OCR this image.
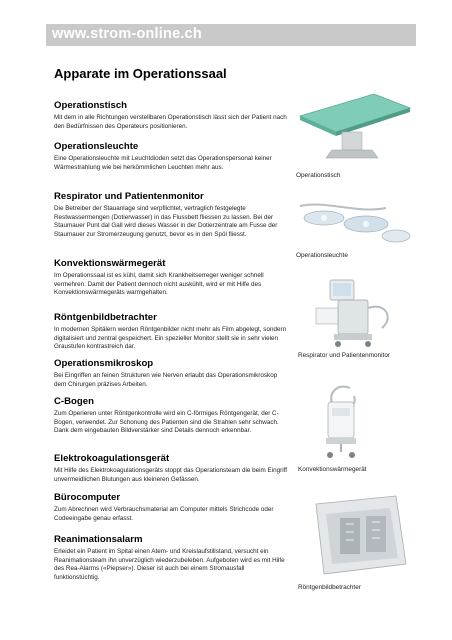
www.strom-online.ch
Apparate im Operationssaal
Operationstisch

Mit dem in alle Richtungen verstellbaren Operationstisch lässt sich der Patient nach den Bedürfnissen des Operateurs positionieren.

Operationsleuchte

Eine Operationsleuchte mit Leuchtdioden setzt das Operationspersonal keiner Wärmestrahlung wie bei herkömmlichen Leuchten mehr aus.

Respirator und Patientenmonitor

Die Betreiber der Stauanlage sind verpflichtet, vertraglich festgelegte Restwassermengen (Dotierwasser) in das Flussbett fliessen zu lassen. Bei der Staumauer Punt dal Gall wird dieses Wasser in der Dotierzentrale am Fusse der Staumauer zur Stromerzeugung genutzt, bevor es in den Spöl fliesst.

Konvektionswärmegerät

Im Operationssaal ist es kühl, damit sich Krankheitserreger weniger schnell vermehren. Damit der Patient dennoch nicht auskühlt, wird er mit Hilfe des Konvektionswärmegeräts warmgehalten.

Röntgenbildbetrachter

In modernen Spitälern werden Röntgenbilder nicht mehr als Film abgelegt, sondern digitalisiert und zentral gespeichert. Ein spezieller Monitor stellt sie in sehr vielen Graustufen kontrastreich dar.

Operationsmikroskop

Bei Eingriffen an feinen Strukturen wie Nerven erlaubt das Operationsmikroskop dem Chirurgen präzises Arbeiten.

C-Bogen

Zum Operieren unter Röntgenkontrolle wird ein C-förmiges Röntgengerät, der C-Bogen, verwendet. Zur Schonung des Patienten sind die Strahlen sehr schwach. Dank dem eingebauten Bildverstärker sind Details dennoch erkennbar.

Elektrokoagulationsgerät

Mit Hilfe des Elektrokoagulationsgeräts stoppt das Operationsteam die beim Eingriff unvermeidlichen Blutungen aus kleineren Gefässen.

Bürocomputer

Zum Abrechnen wird Verbrauchsmaterial am Computer mittels Strichcode oder Codeeingabe genau erfasst.

Reanimationsalarm

Erleidet ein Patient im Spital einen Atem- und Kreislaufstillstand, versucht ein Reanimationsteam ihn unverzüglich wiederzubeleben. Aufgeboten wird es mit Hilfe des Rea-Alarms («Piepser»). Dieser ist auch bei einem Stromausfall funktionstüchtig.

Operationstisch
Operationsleuchte
Respirator und Patientenmonitor
Konvektionswärmegerät
Röntgenbildbetrachter
